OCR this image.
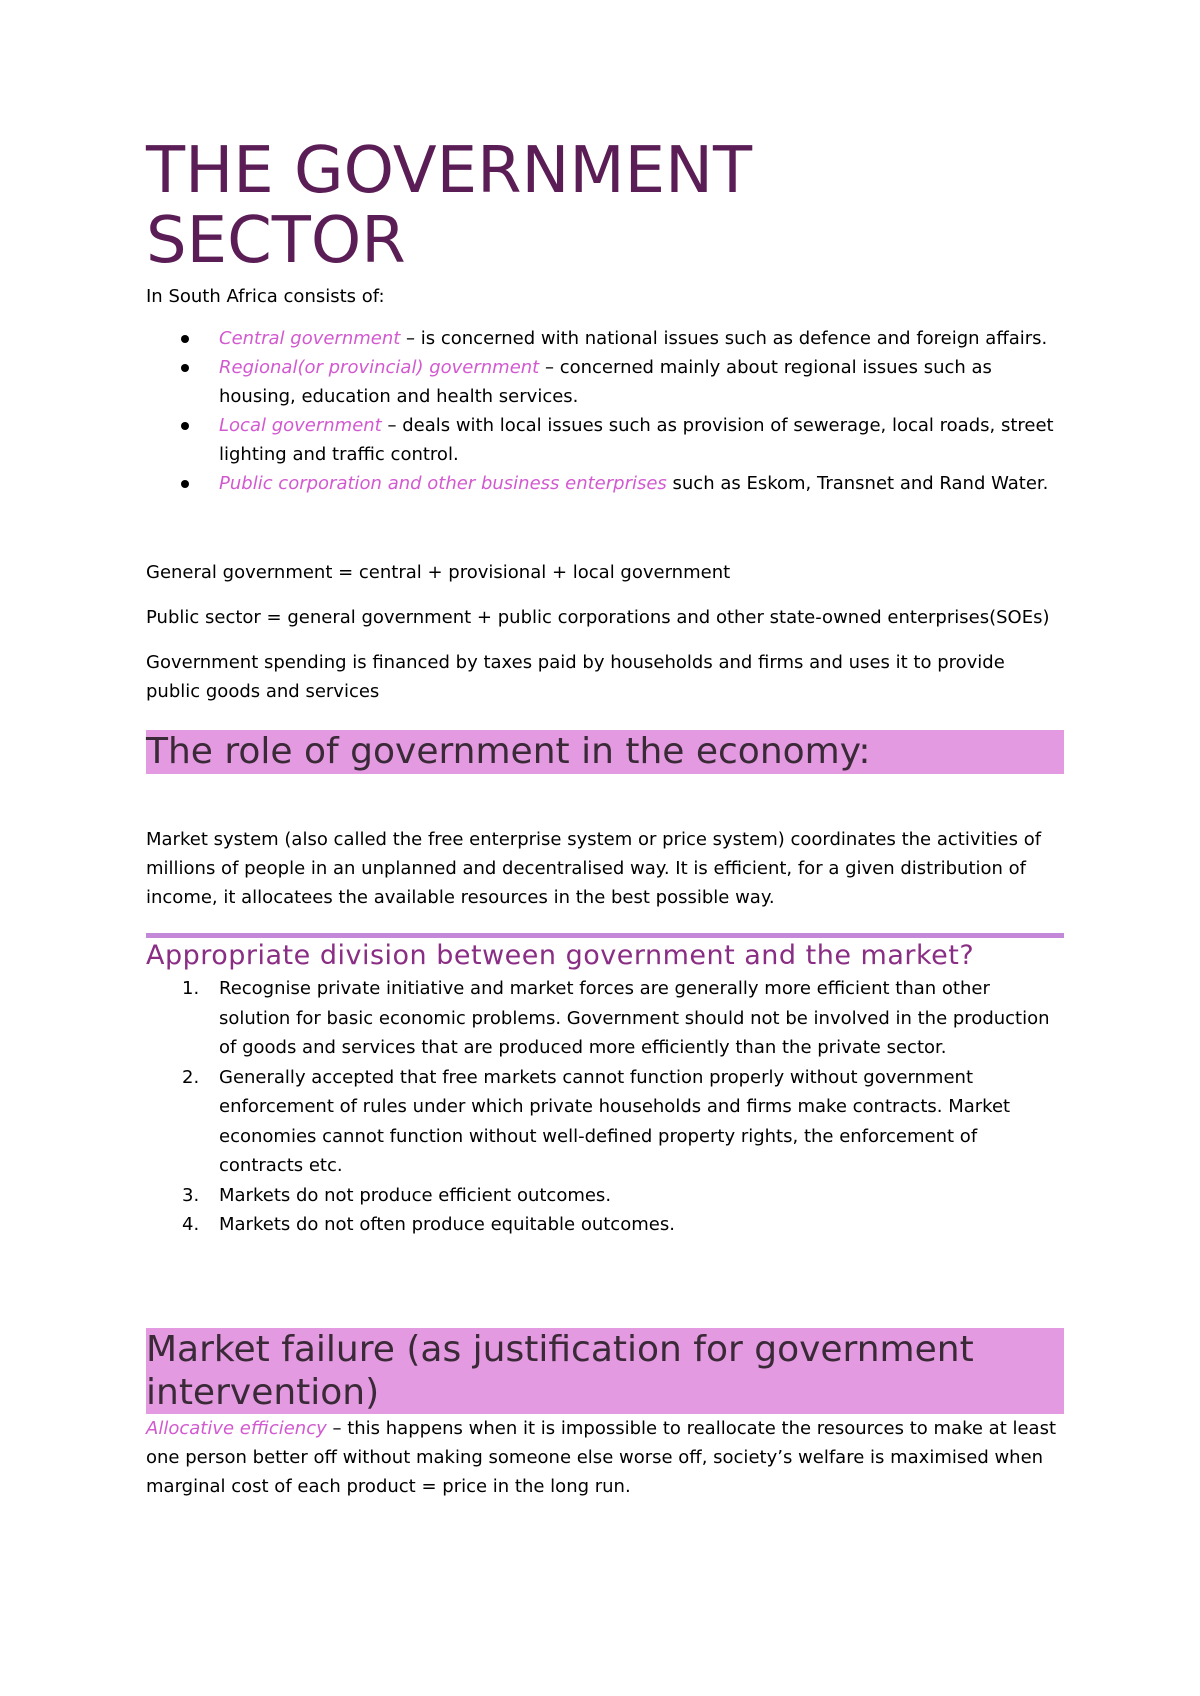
THE GOVERNMENT
SECTOR

In South Africa consists of:

Central government – is concerned with national issues such as defence and foreign affairs.
Regional(or provincial) government – concerned mainly about regional issues such as housing, education and health services.
Local government – deals with local issues such as provision of sewerage, local roads, street lighting and traffic control.
Public corporation and other business enterprises such as Eskom, Transnet and Rand Water.

General government = central + provisional + local government

Public sector = general government + public corporations and other state-owned enterprises(SOEs)

Government spending is financed by taxes paid by households and firms and uses it to provide public goods and services

The role of government in the economy:

Market system (also called the free enterprise system or price system) coordinates the activities of millions of people in an unplanned and decentralised way. It is efficient, for a given distribution of income, it allocatees the available resources in the best possible way.

Appropriate division between government and the market?
1. Recognise private initiative and market forces are generally more efficient than other solution for basic economic problems. Government should not be involved in the production of goods and services that are produced more efficiently than the private sector.
2. Generally accepted that free markets cannot function properly without government enforcement of rules under which private households and firms make contracts. Market economies cannot function without well-defined property rights, the enforcement of contracts etc.
3. Markets do not produce efficient outcomes.
4. Markets do not often produce equitable outcomes.
Market failure (as justification for government intervention)

Allocative efficiency – this happens when it is impossible to reallocate the resources to make at least one person better off without making someone else worse off, society’s welfare is maximised when marginal cost of each product = price in the long run.
